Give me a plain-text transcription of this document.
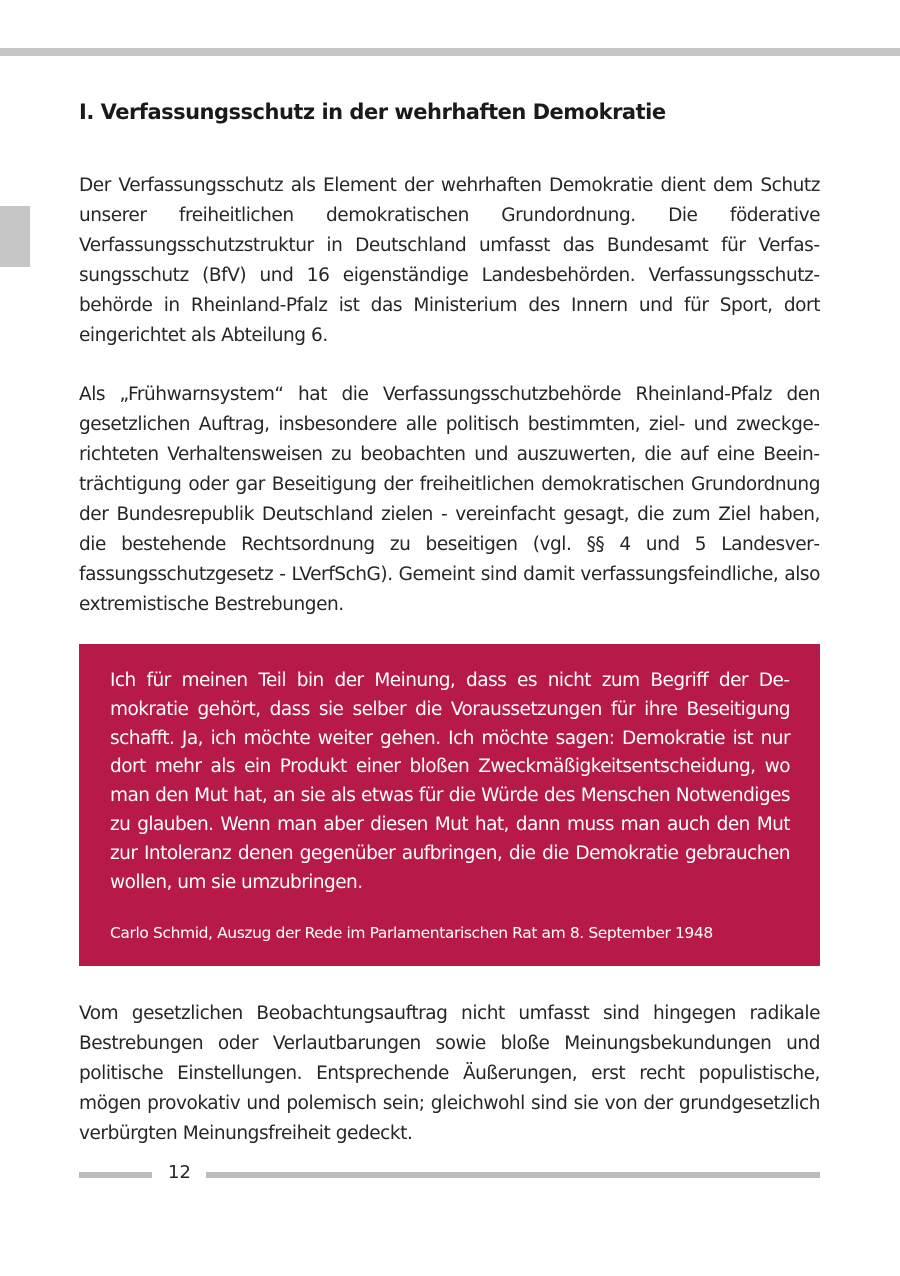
I. Verfassungsschutz in der wehrhaften Demokratie

Der Verfassungsschutz als Element der wehrhaften Demokratie dient dem Schutz unserer freiheitlichen demokratischen Grundordnung. Die föderative Verfassungsschutzstruktur in Deutschland umfasst das Bundesamt für Verfassungsschutz (BfV) und 16 eigenständige Landesbehörden. Verfassungsschutzbehörde in Rheinland-Pfalz ist das Ministerium des Innern und für Sport, dort eingerichtet als Abteilung 6.

Als „Frühwarnsystem“ hat die Verfassungsschutzbehörde Rheinland-Pfalz den gesetzlichen Auftrag, insbesondere alle politisch bestimmten, ziel- und zweckgerichteten Verhaltensweisen zu beobachten und auszuwerten, die auf eine Beeinträchtigung oder gar Beseitigung der freiheitlichen demokratischen Grundordnung der Bundesrepublik Deutschland zielen - vereinfacht gesagt, die zum Ziel haben, die bestehende Rechtsordnung zu beseitigen (vgl. §§ 4 und 5 Landesverfassungsschutzgesetz - LVerfSchG). Gemeint sind damit verfassungsfeindliche, also extremistische Bestrebungen.

Ich für meinen Teil bin der Meinung, dass es nicht zum Begriff der Demokratie gehört, dass sie selber die Voraussetzungen für ihre Beseitigung schafft. Ja, ich möchte weiter gehen. Ich möchte sagen: Demokratie ist nur dort mehr als ein Produkt einer bloßen Zweckmäßigkeitsentscheidung, wo man den Mut hat, an sie als etwas für die Würde des Menschen Notwendiges zu glauben. Wenn man aber diesen Mut hat, dann muss man auch den Mut zur Intoleranz denen gegenüber aufbringen, die die Demokratie gebrauchen wollen, um sie umzubringen.

Carlo Schmid, Auszug der Rede im Parlamentarischen Rat am 8. September 1948

Vom gesetzlichen Beobachtungsauftrag nicht umfasst sind hingegen radikale Bestrebungen oder Verlautbarungen sowie bloße Meinungsbekundungen und politische Einstellungen. Entsprechende Äußerungen, erst recht populistische, mögen provokativ und polemisch sein; gleichwohl sind sie von der grundgesetzlich verbürgten Meinungsfreiheit gedeckt.

12
